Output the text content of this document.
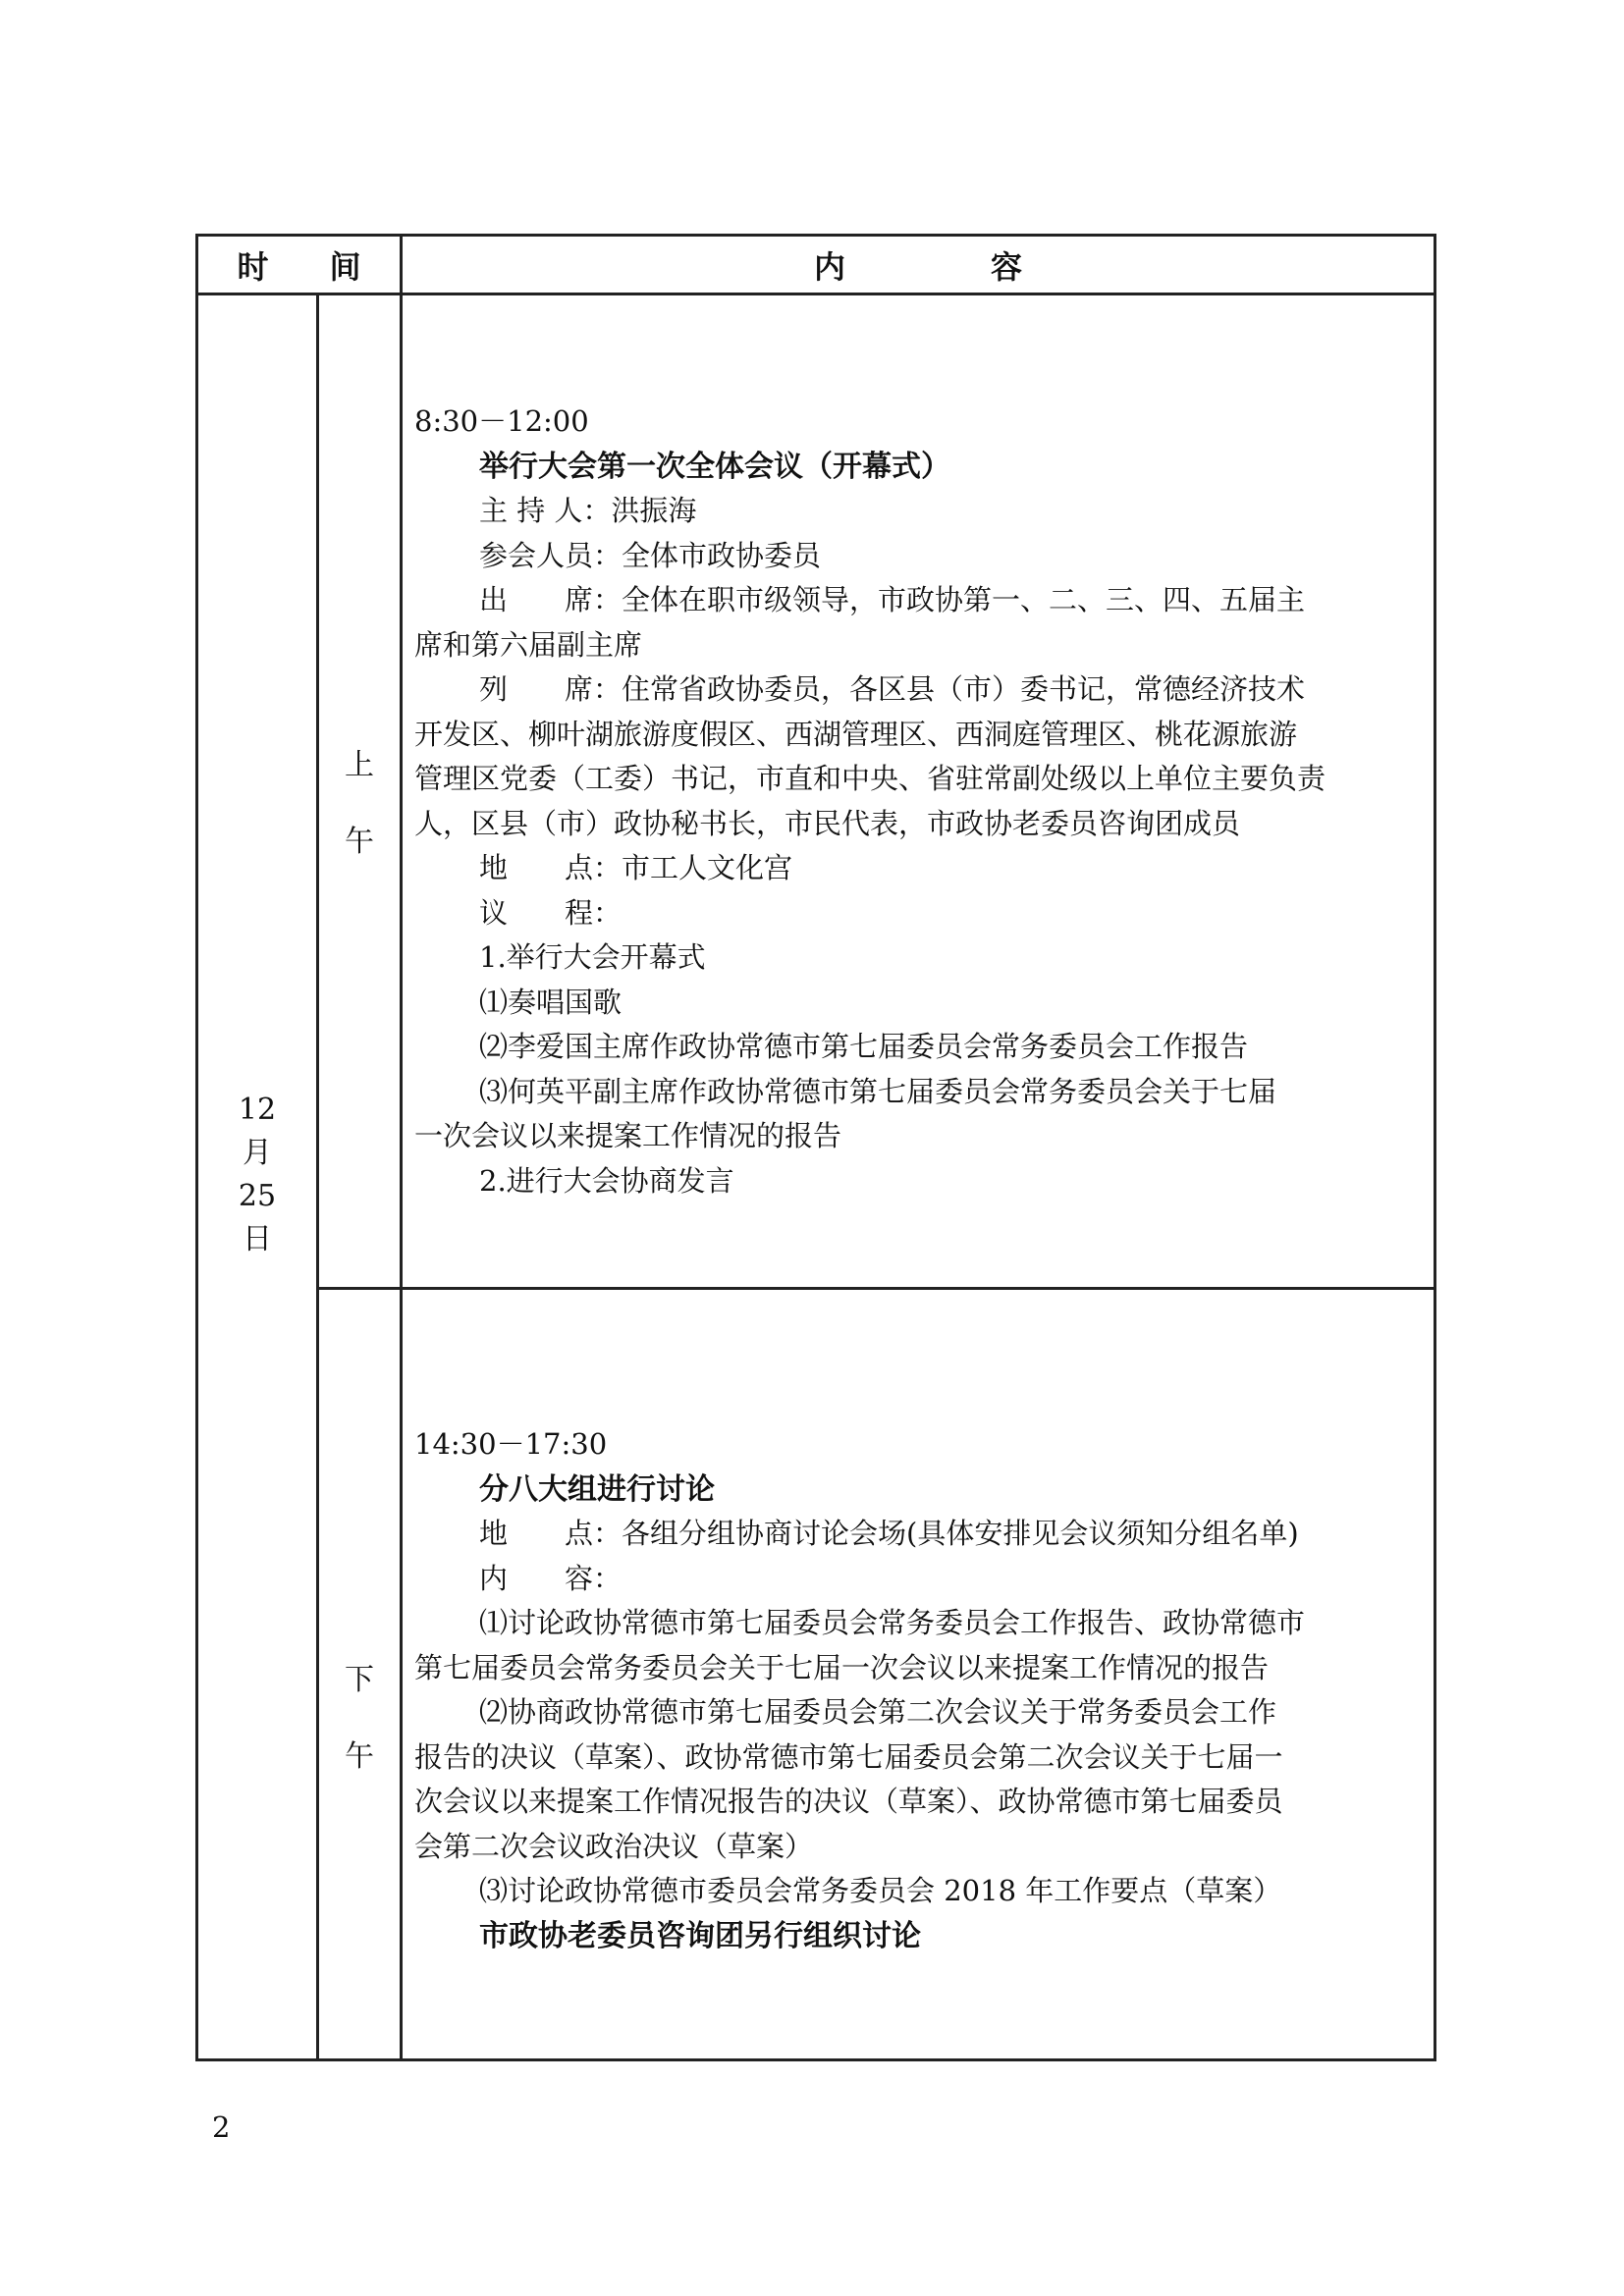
时 间	内	容
12
月
25
日
上
午
下
午
8:30－12:00
举行大会第一次全体会议（开幕式）
主 持 人：洪振海
参会人员：全体市政协委员
出　　席：全体在职市级领导，市政协第一、二、三、四、五届主
席和第六届副主席
列　　席：住常省政协委员，各区县（市）委书记，常德经济技术
开发区、柳叶湖旅游度假区、西湖管理区、西洞庭管理区、桃花源旅游
管理区党委（工委）书记，市直和中央、省驻常副处级以上单位主要负责
人，区县（市）政协秘书长，市民代表，市政协老委员咨询团成员
地　　点：市工人文化宫
议　　程：
1.举行大会开幕式
⑴奏唱国歌
⑵李爱国主席作政协常德市第七届委员会常务委员会工作报告
⑶何英平副主席作政协常德市第七届委员会常务委员会关于七届
一次会议以来提案工作情况的报告
2.进行大会协商发言
14:30－17:30
分八大组进行讨论
地　　点：各组分组协商讨论会场(具体安排见会议须知分组名单)
内　　容：
⑴讨论政协常德市第七届委员会常务委员会工作报告、政协常德市
第七届委员会常务委员会关于七届一次会议以来提案工作情况的报告
⑵协商政协常德市第七届委员会第二次会议关于常务委员会工作
报告的决议（草案）、政协常德市第七届委员会第二次会议关于七届一
次会议以来提案工作情况报告的决议（草案）、政协常德市第七届委员
会第二次会议政治决议（草案）
⑶讨论政协常德市委员会常务委员会 2018 年工作要点（草案）
市政协老委员咨询团另行组织讨论
2
